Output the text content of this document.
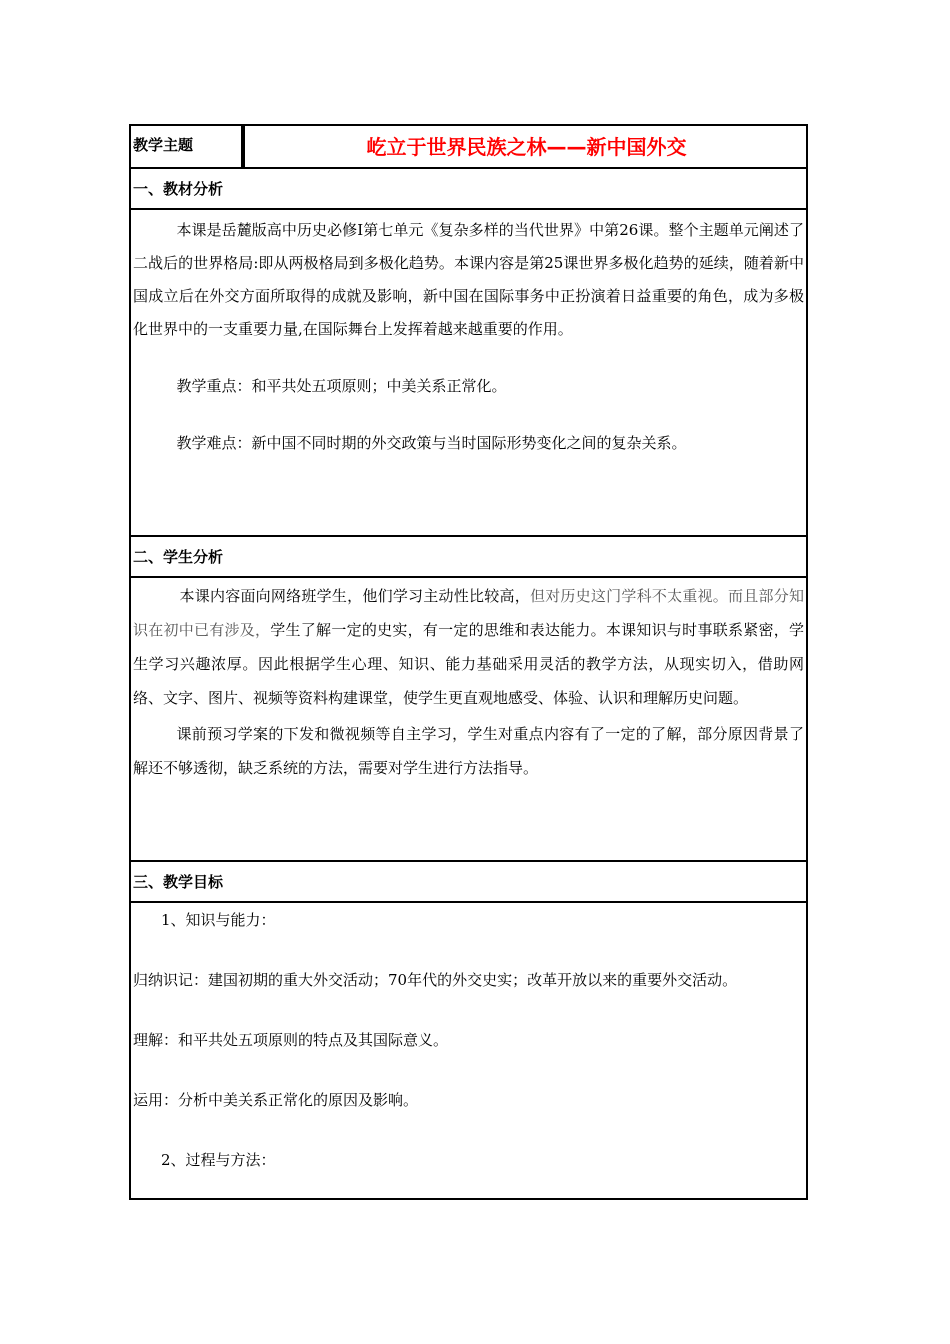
教学主题	屹立于世界民族之林——新中国外交
一、教材分析

本课是岳麓版高中历史必修Ⅰ第七单元《复杂多样的当代世界》中第26课。整个主题单元阐述了二战后的世界格局:即从两极格局到多极化趋势。本课内容是第25课世界多极化趋势的延续，随着新中国成立后在外交方面所取得的成就及影响，新中国在国际事务中正扮演着日益重要的角色，成为多极化世界中的一支重要力量,在国际舞台上发挥着越来越重要的作用。

教学重点：和平共处五项原则；中美关系正常化。

教学难点：新中国不同时期的外交政策与当时国际形势变化之间的复杂关系。

二、学生分析

本课内容面向网络班学生，他们学习主动性比较高，但对历史这门学科不太重视。而且部分知识在初中已有涉及，学生了解一定的史实，有一定的思维和表达能力。本课知识与时事联系紧密，学生学习兴趣浓厚。因此根据学生心理、知识、能力基础采用灵活的教学方法，从现实切入，借助网络、文字、图片、视频等资料构建课堂，使学生更直观地感受、体验、认识和理解历史问题。

课前预习学案的下发和微视频等自主学习，学生对重点内容有了一定的了解，部分原因背景了解还不够透彻，缺乏系统的方法，需要对学生进行方法指导。

三、教学目标

1、知识与能力：

归纳识记：建国初期的重大外交活动；70年代的外交史实；改革开放以来的重要外交活动。

理解：和平共处五项原则的特点及其国际意义。

运用：分析中美关系正常化的原因及影响。

2、过程与方法：
